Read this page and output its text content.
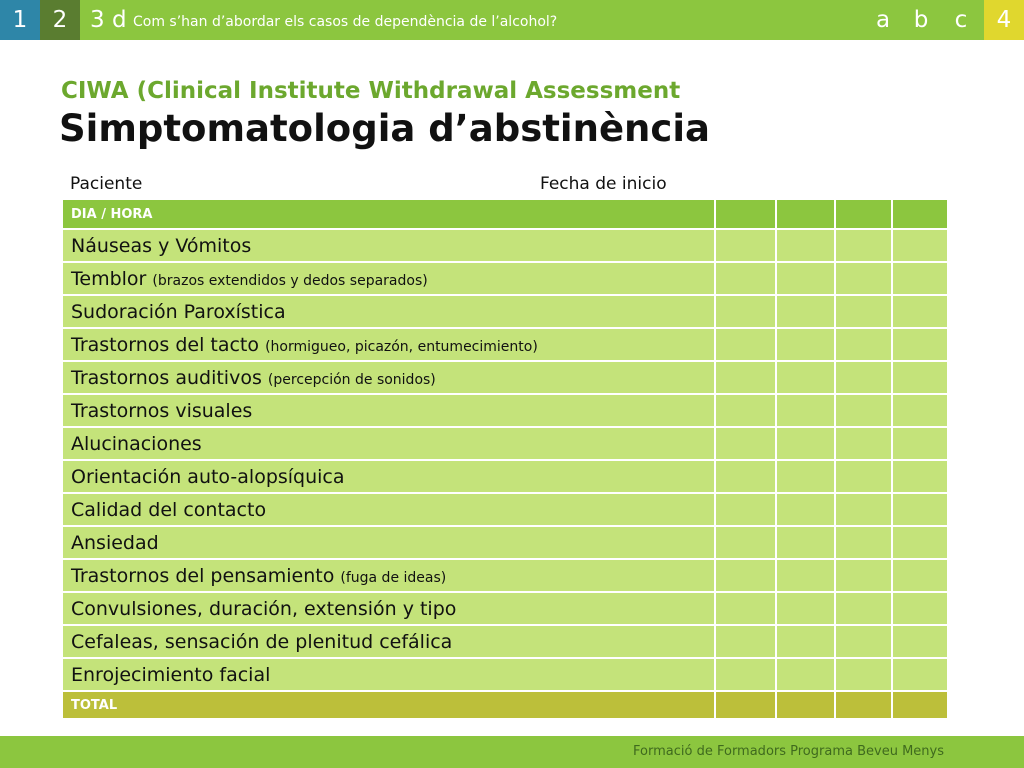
1	2 3 d Com s’han d’abordar els casos de dependència de l’alcohol?	a	b	c	4
CIWA (Clinical Institute Withdrawal Assessment
Simptomatologia d’abstinència
Paciente	Fecha de inicio
DIA / HORA				
Náuseas y Vómitos				
Temblor (brazos extendidos y dedos separados)				
Sudoración Paroxística				
Trastornos del tacto (hormigueo, picazón, entumecimiento)				
Trastornos auditivos (percepción de sonidos)				
Trastornos visuales				
Alucinaciones				
Orientación auto-alopsíquica				
Calidad del contacto				
Ansiedad				
Trastornos del pensamiento (fuga de ideas)				
Convulsiones, duración, extensión y tipo				
Cefaleas, sensación de plenitud cefálica				
Enrojecimiento facial				
TOTAL				
Formació de Formadors Programa Beveu Menys
